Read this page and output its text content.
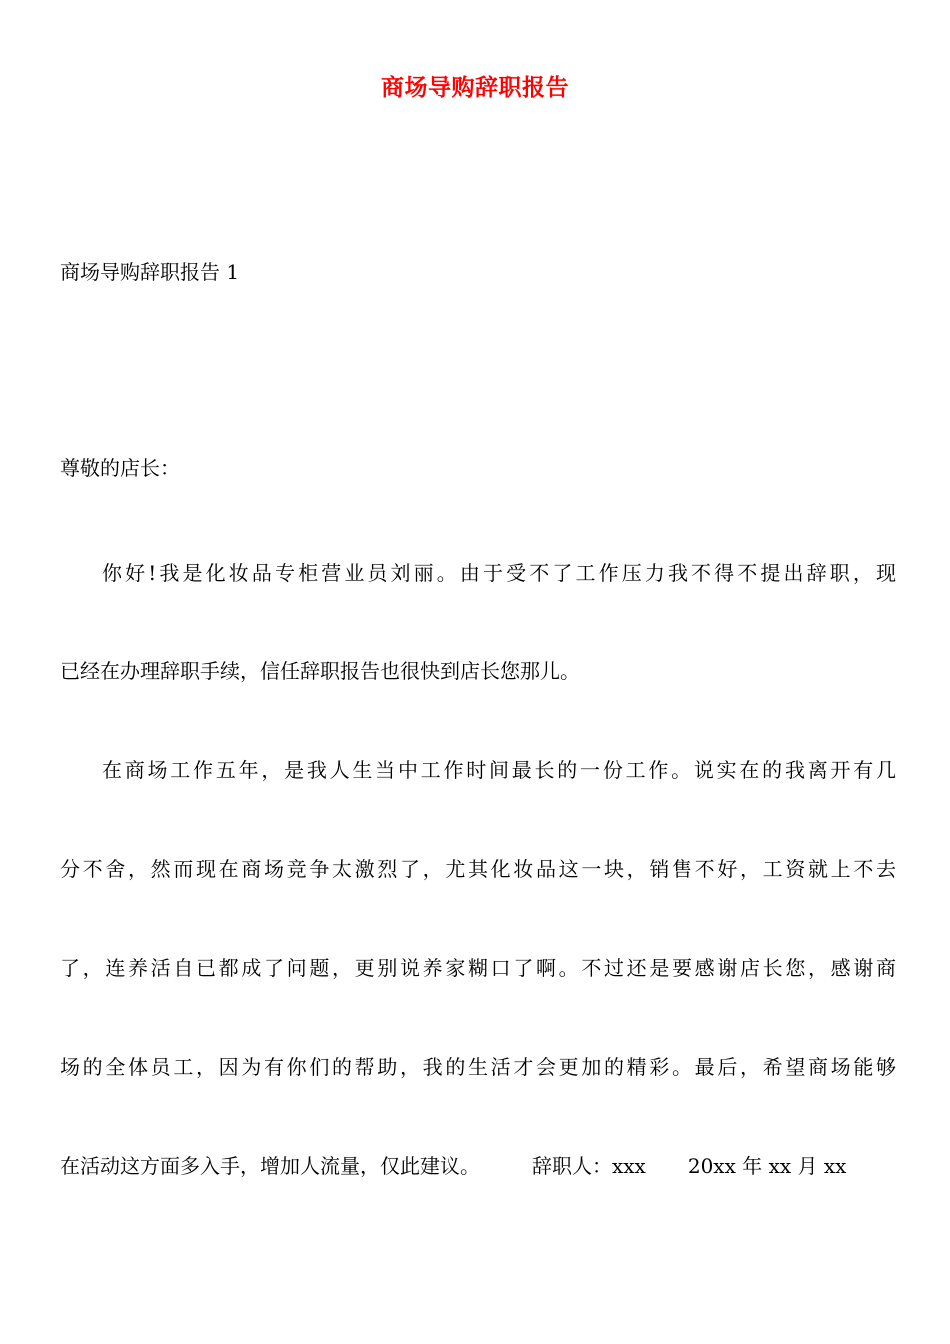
商场导购辞职报告
商场导购辞职报告 1
尊敬的店长：
你好!我是化妆品专柜营业员刘丽。由于受不了工作压力我不得不提出辞职，现
已经在办理辞职手续，信任辞职报告也很快到店长您那儿。
在商场工作五年，是我人生当中工作时间最长的一份工作。说实在的我离开有几
分不舍，然而现在商场竞争太激烈了，尤其化妆品这一块，销售不好，工资就上不去
了，连养活自已都成了问题，更别说养家糊口了啊。不过还是要感谢店长您，感谢商
场的全体员工，因为有你们的帮助，我的生活才会更加的精彩。最后，希望商场能够
在活动这方面多入手，增加人流量，仅此建议。	辞职人：xxx 20xx 年 xx 月 xx
